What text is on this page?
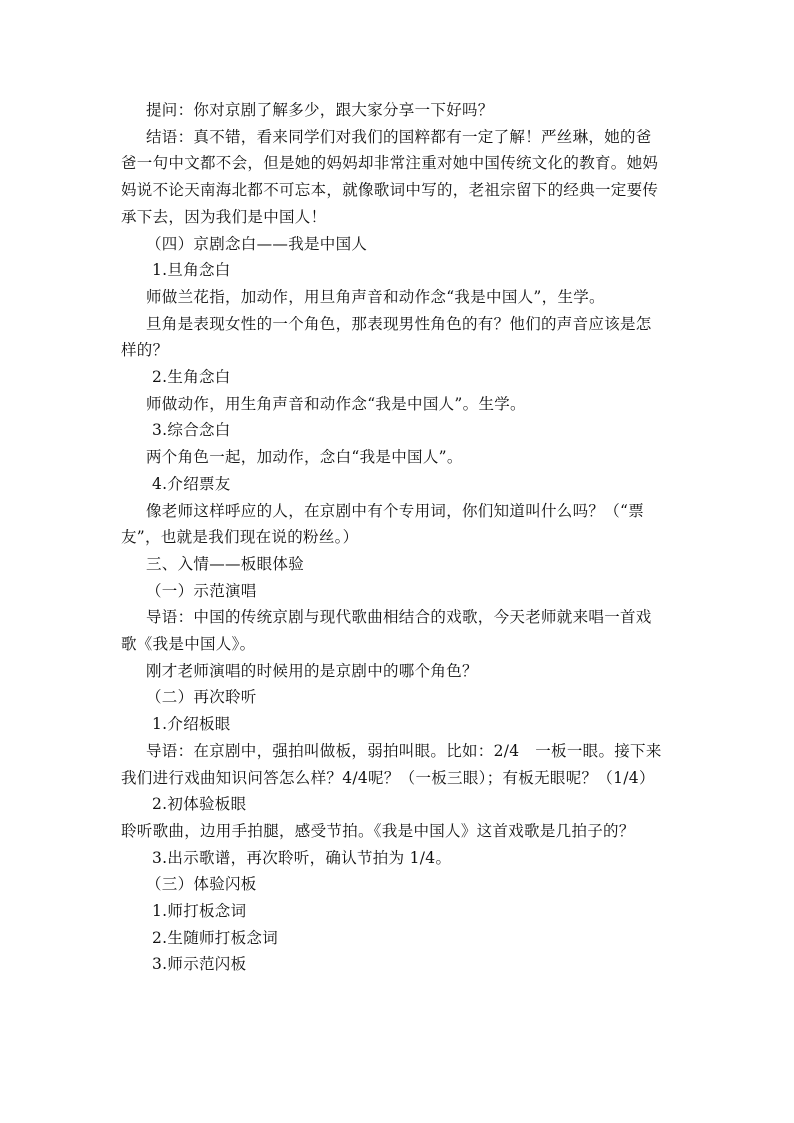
提问：你对京剧了解多少，跟大家分享一下好吗？
结语：真不错，看来同学们对我们的国粹都有一定了解！严丝琳，她的爸
爸一句中文都不会，但是她的妈妈却非常注重对她中国传统文化的教育。她妈
妈说不论天南海北都不可忘本，就像歌词中写的，老祖宗留下的经典一定要传
承下去，因为我们是中国人！
（四）京剧念白——我是中国人
1.旦角念白
师做兰花指，加动作，用旦角声音和动作念“我是中国人”，生学。
旦角是表现女性的一个角色，那表现男性角色的有？他们的声音应该是怎
样的？
2.生角念白
师做动作，用生角声音和动作念“我是中国人”。生学。
3.综合念白
两个角色一起，加动作，念白“我是中国人”。
4.介绍票友
像老师这样呼应的人，在京剧中有个专用词，你们知道叫什么吗？（“票
友”，也就是我们现在说的粉丝。）
三、入情——板眼体验
（一）示范演唱
导语：中国的传统京剧与现代歌曲相结合的戏歌，今天老师就来唱一首戏
歌《我是中国人》。
刚才老师演唱的时候用的是京剧中的哪个角色？
（二）再次聆听
1.介绍板眼
导语：在京剧中，强拍叫做板，弱拍叫眼。比如：2/4　一板一眼。接下来
我们进行戏曲知识问答怎么样？4/4呢？（一板三眼）；有板无眼呢？（1/4）
2.初体验板眼
聆听歌曲，边用手拍腿，感受节拍。《我是中国人》这首戏歌是几拍子的？
3.出示歌谱，再次聆听，确认节拍为 1/4。
（三）体验闪板
1.师打板念词
2.生随师打板念词
3.师示范闪板
